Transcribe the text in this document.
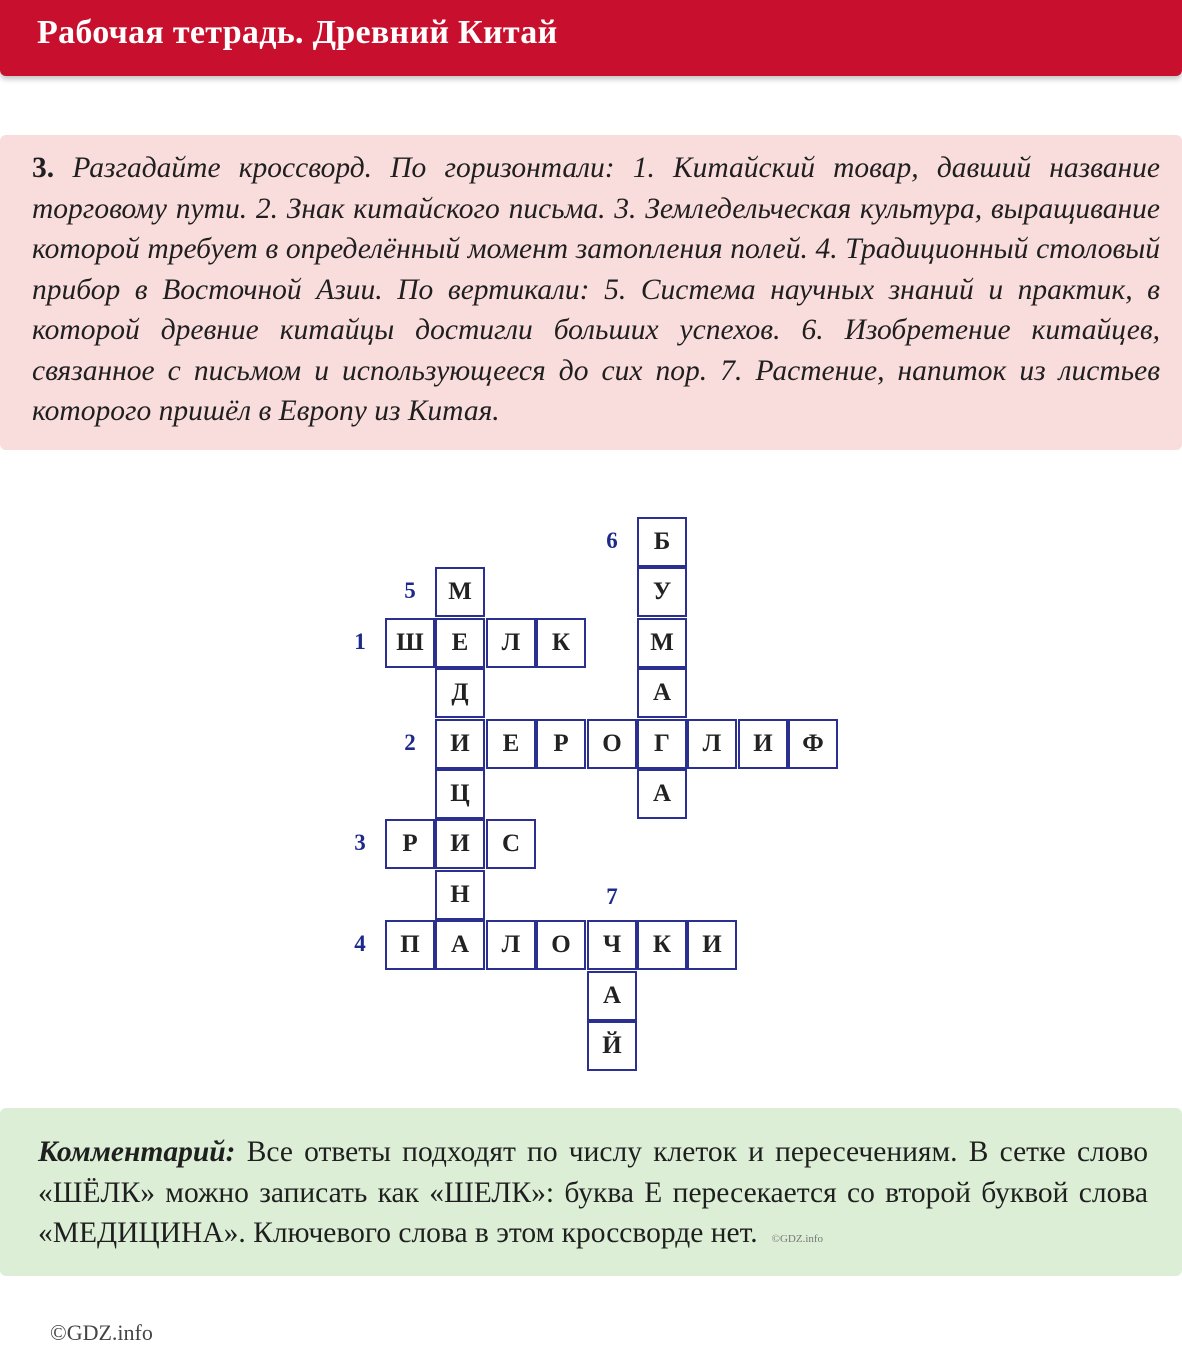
Рабочая тетрадь. Древний Китай
3. Разгадайте кроссворд. По горизонтали: 1. Китайский товар, давший название торговому пути. 2. Знак китайского письма. 3. Земледельческая культура, выращивание которой требует в определённый момент затопления полей. 4. Традиционный столовый прибор в Восточной Азии. По вертикали: 5. Система научных знаний и практик, в которой древние китайцы достигли больших успехов. 6. Изобретение китайцев, связанное с письмом и использующееся до сих пор. 7. Растение, напиток из листьев которого пришёл в Европу из Китая.
Ш	Е	Л	К
И	Е	Р	О	Г	Л	И	Ф
Р	И	С
П	А	Л	О	Ч	К	И
М
Д
Ц
Н
Б
У
М
А
А
А
Й
1
2
3
4
5
6
7
Комментарий: Все ответы подходят по числу клеток и пересечениям. В сетке слово «ШЁЛК» можно записать как «ШЕЛК»: буква Е пересекается со второй буквой слова «МЕДИЦИНА». Ключевого слова в этом кроссворде нет. ©GDZ.info
©GDZ.info
